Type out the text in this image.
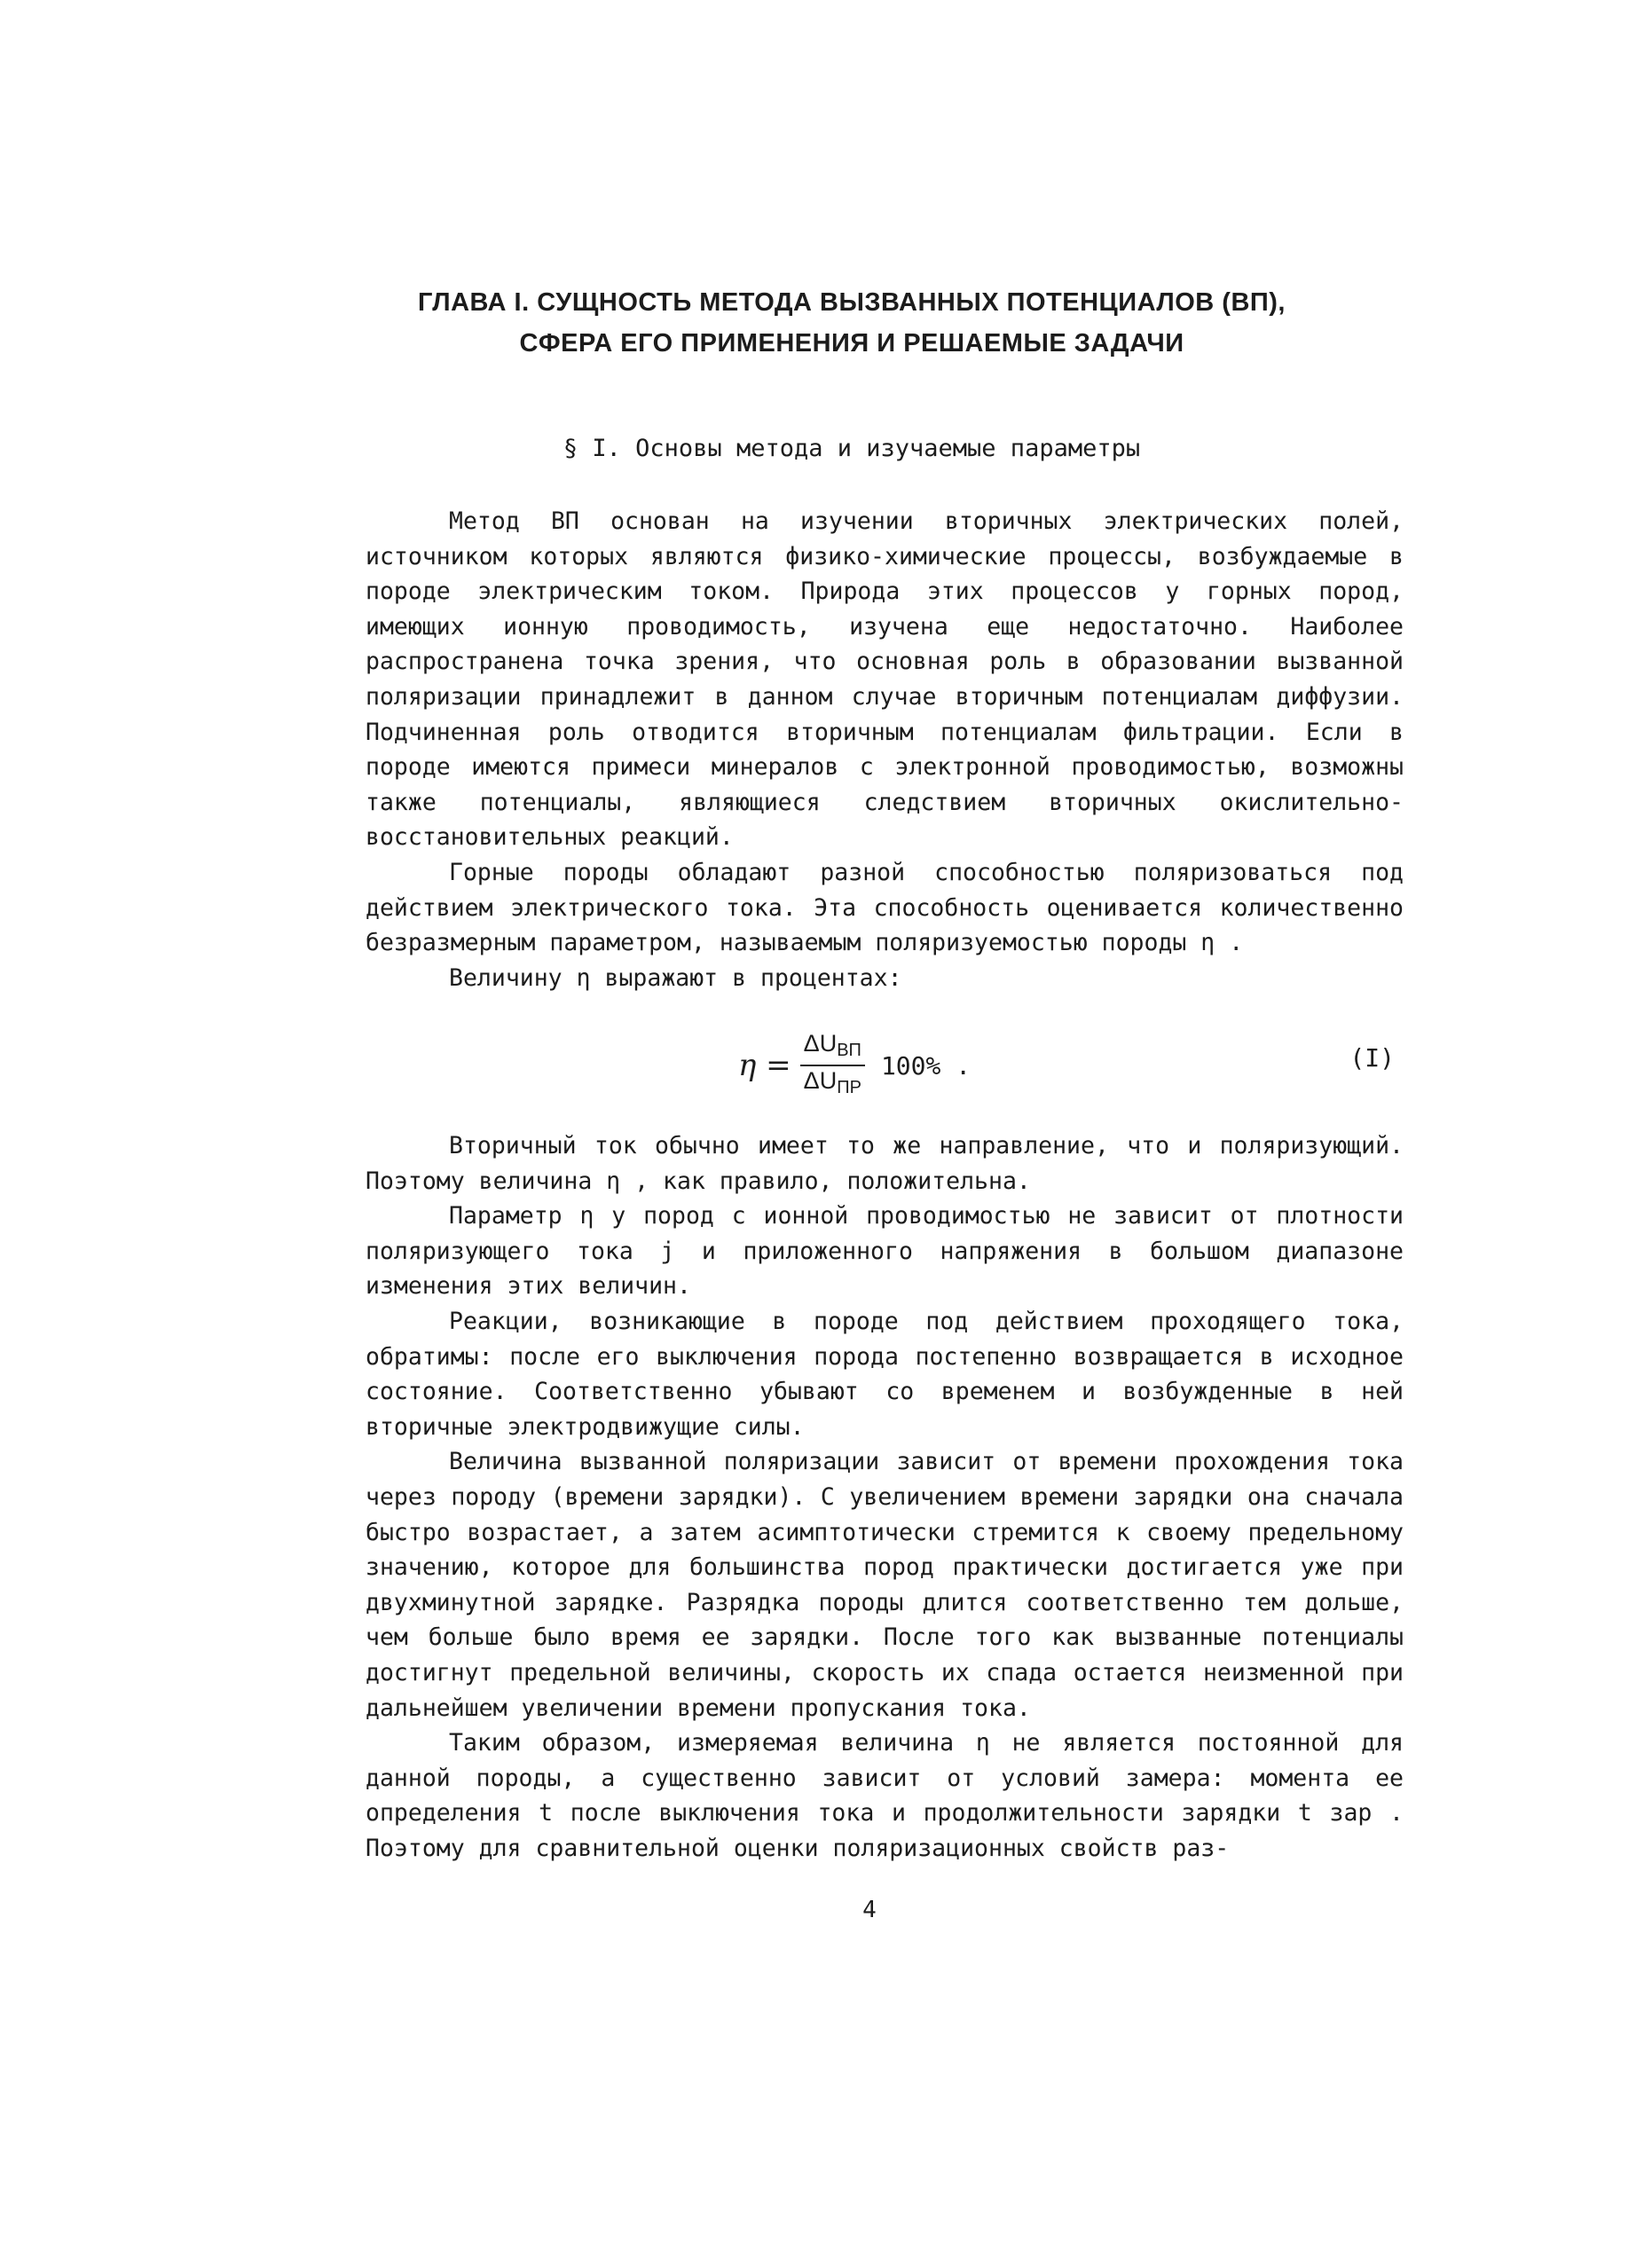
ГЛАВА I. СУЩНОСТЬ МЕТОДА ВЫЗВАННЫХ ПОТЕНЦИАЛОВ (ВП),
СФЕРА ЕГО ПРИМЕНЕНИЯ И РЕШАЕМЫЕ ЗАДАЧИ
§ I. Основы метода и изучаемые параметры

Метод ВП основан на изучении вторичных электрических полей, источником которых являются физико-химические процессы, возбуждаемые в породе электрическим током. Природа этих процессов у горных пород, имеющих ионную проводимость, изучена еще недостаточно. Наиболее распространена точка зрения, что основная роль в образовании вызванной поляризации принадлежит в данном случае вторичным потенциалам диффузии. Подчиненная роль отводится вторичным потенциалам фильтрации. Если в породе имеются примеси минералов с электронной проводимостью, возможны также потенциалы, являющиеся следствием вторичных окислительно-восстановительных реакций.

Горные породы обладают разной способностью поляризоваться под действием электрического тока. Эта способность оценивается количественно безразмерным параметром, называемым поляризуемостью породы η .

Величину η выражают в процентах:

$\eta = \frac{\Delta U_{ВП}}{\Delta U_{ПР}} 100\%$ .	(I)

Вторичный ток обычно имеет то же направление, что и поляризующий. Поэтому величина η , как правило, положительна.

Параметр η у пород с ионной проводимостью не зависит от плотности поляризующего тока j и приложенного напряжения в большом диапазоне изменения этих величин.

Реакции, возникающие в породе под действием проходящего тока, обратимы: после его выключения порода постепенно возвращается в исходное состояние. Соответственно убывают со временем и возбужденные в ней вторичные электродвижущие силы.

Величина вызванной поляризации зависит от времени прохождения тока через породу (времени зарядки). С увеличением времени зарядки она сначала быстро возрастает, а затем асимптотически стремится к своему предельному значению, которое для большинства пород практически достигается уже при двухминутной зарядке. Разрядка породы длится соответственно тем дольше, чем больше было время ее зарядки. После того как вызванные потенциалы достигнут предельной величины, скорость их спада остается неизменной при дальнейшем увеличении времени пропускания тока.

Таким образом, измеряемая величина η не является постоянной для данной породы, а существенно зависит от условий замера: момента ее определения t после выключения тока и продолжительности зарядки t зар . Поэтому для сравнительной оценки поляризационных свойств раз-

4
